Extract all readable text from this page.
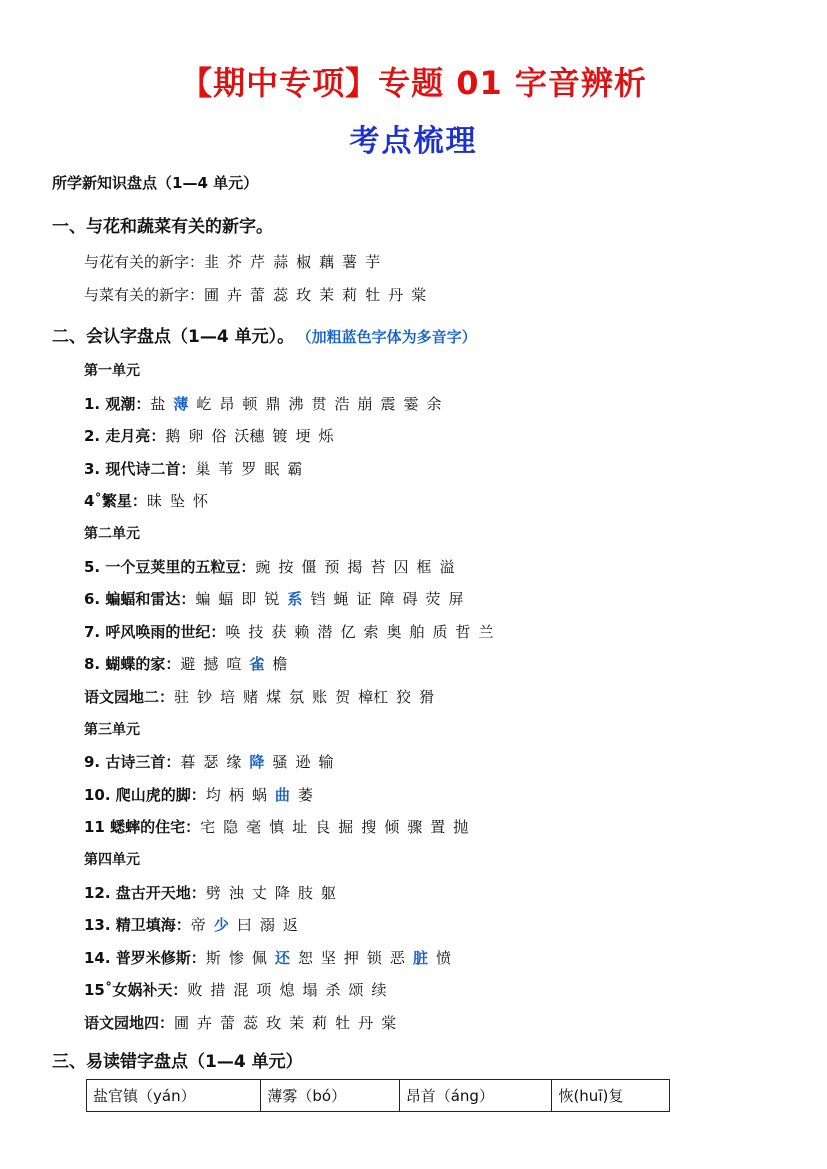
【期中专项】专题 01 字音辨析
考点梳理
所学新知识盘点（1—4 单元）
一、与花和蔬菜有关的新字。
与花有关的新字：韭 芥 芹 蒜 椒 藕 薯 芋
与菜有关的新字：圃 卉 蕾 蕊 玫 茉 莉 牡 丹 棠
二、会认字盘点（1—4 单元）。 （加粗蓝色字体为多音字）
第一单元
1. 观潮：盐 薄 屹 昂 顿 鼎 沸 贯 浩 崩 震 霎 余
2. 走月亮：鹅 卵 俗 沃穗 镀 埂 烁
3. 现代诗二首：巢 苇 罗 眠 霸
4˚繁星：昧 坠 怀
第二单元
5. 一个豆荚里的五粒豆：豌 按 僵 预 揭 苔 囚 框 溢
6. 蝙蝠和雷达：蝙 蝠 即 锐 系 铛 蝇 证 障 碍 荧 屏
7. 呼风唤雨的世纪：唤 技 获 赖 潜 亿 索 奥 舶 质 哲 兰
8. 蝴蝶的家：避 撼 喧 雀 檐
语文园地二：驻 钞 培 赌 煤 氛 账 贺 樟杠 狡 猾
第三单元
9. 古诗三首：暮 瑟 缘 降 骚 逊 输
10. 爬山虎的脚：均 柄 蜗 曲 萎
11 蟋蟀的住宅：宅 隐 毫 慎 址 良 掘 搜 倾 骤 置 抛
第四单元
12. 盘古开天地：劈 浊 丈 降 肢 躯
13. 精卫填海：帝 少 曰 溺 返
14. 普罗米修斯：斯 惨 佩 还 恕 坚 押 锁 恶 脏 愤
15˚女娲补天：败 措 混 项 熄 塌 杀 颂 续
语文园地四：圃 卉 蕾 蕊 玫 茉 莉 牡 丹 棠
三、易读错字盘点（1—4 单元）
盐官镇（yán）	薄雾（bó）	昂首（áng）	恢(huī)复
